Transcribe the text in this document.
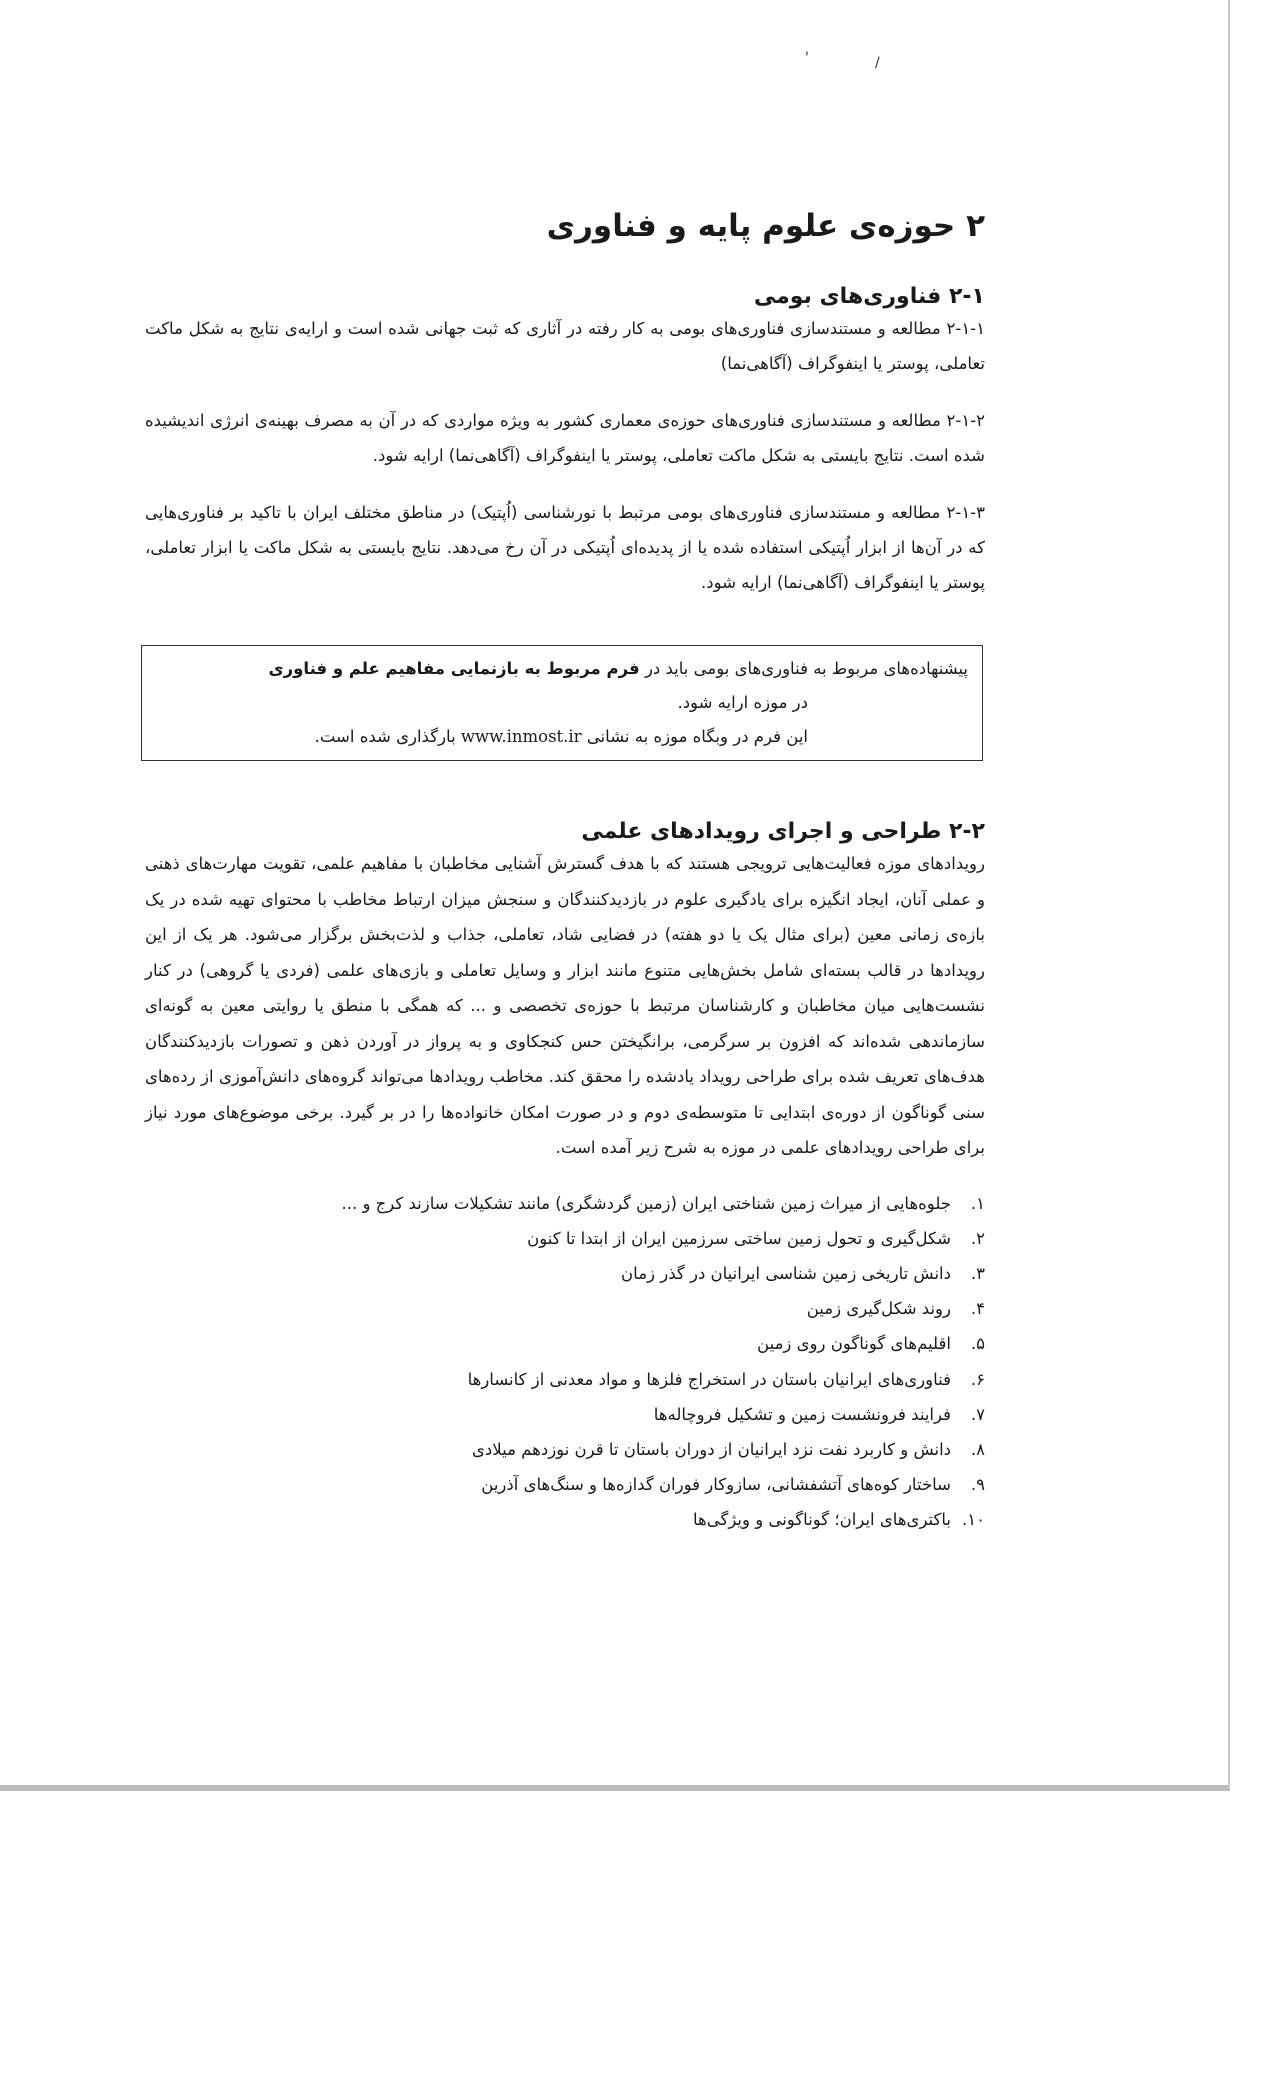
'	/
۲ حوزه‌ی علوم پایه و فناوری
۲-۱ فناوری‌های بومی

۲-۱-۱ مطالعه و مستندسازی فناوری‌های بومی به کار رفته در آثاری که ثبت جهانی شده است و ارایه‌ی نتایج به شکل ماکت تعاملی، پوستر یا اینفوگراف (آگاهی‌نما)

۲-۱-۲ مطالعه و مستندسازی فناوری‌های حوزه‌ی معماری کشور به ویژه مواردی که در آن به مصرف بهینه‌ی انرژی اندیشیده شده است. نتایج بایستی به شکل ماکت تعاملی، پوستر یا اینفوگراف (آگاهی‌نما) ارایه شود.

۲-۱-۳ مطالعه و مستندسازی فناوری‌های بومی مرتبط با نورشناسی (اُپتیک) در مناطق مختلف ایران با تاکید بر فناوری‌هایی که در آن‌ها از ابزار اُپتیکی استفاده شده یا از پدیده‌ای اُپتیکی در آن رخ می‌دهد. نتایج بایستی به شکل ماکت یا ابزار تعاملی، پوستر یا اینفوگراف (آگاهی‌نما) ارایه شود.

پیشنهاده‌های مربوط به فناوری‌های بومی باید در فرم مربوط به بازنمایی مفاهیم علم و فناوری
در موزه ارایه شود.
این فرم در وبگاه موزه به نشانی www.inmost.ir بارگذاری شده است.
۲-۲ طراحی و اجرای رویدادهای علمی

رویدادهای موزه فعالیت‌هایی ترویجی هستند که با هدف گسترش آشنایی مخاطبان با مفاهیم علمی، تقویت مهارت‌های ذهنی و عملی آنان، ایجاد انگیزه برای یادگیری علوم در بازدیدکنندگان و سنجش میزان ارتباط مخاطب با محتوای تهیه شده در یک بازه‌ی زمانی معین (برای مثال یک یا دو هفته) در فضایی شاد، تعاملی، جذاب و لذت‌بخش برگزار می‌شود. هر یک از این رویدادها در قالب بسته‌ای شامل بخش‌هایی متنوع مانند ابزار و وسایل تعاملی و بازی‌های علمی (فردی یا گروهی) در کنار نشست‌هایی میان مخاطبان و کارشناسان مرتبط با حوزه‌ی تخصصی و ... که همگی با منطق یا روایتی معین به گونه‌ای سازماندهی شده‌اند که افزون بر سرگرمی، برانگیختن حس کنجکاوی و به پرواز در آوردن ذهن و تصورات بازدیدکنندگان هدف‌های تعریف شده برای طراحی رویداد یادشده را محقق کند. مخاطب رویدادها می‌تواند گروه‌های دانش‌آموزی از رده‌های سنی گوناگون از دوره‌ی ابتدایی تا متوسطه‌ی دوم و در صورت امکان خانواده‌ها را در بر گیرد. برخی موضوع‌های مورد نیاز برای طراحی رویدادهای علمی در موزه به شرح زیر آمده است.

۱.
جلوه‌هایی از میراث زمین شناختی ایران (زمین گردشگری) مانند تشکیلات سازند کرج و ...
۲.
شکل‌گیری و تحول زمین ساختی سرزمین ایران از ابتدا تا کنون
۳.
دانش تاریخی زمین شناسی ایرانیان در گذر زمان
۴.
روند شکل‌گیری زمین
۵.
اقلیم‌های گوناگون روی زمین
۶.
فناوری‌های ایرانیان باستان در استخراج فلزها و مواد معدنی از کانسارها
۷.
فرایند فرونشست زمین و تشکیل فروچاله‌ها
۸.
دانش و کاربرد نفت نزد ایرانیان از دوران باستان تا قرن نوزدهم میلادی
۹.
ساختار کوه‌های آتشفشانی، سازوکار فوران گدازه‌ها و سنگ‌های آذرین
۱۰.
باکتری‌های ایران؛ گوناگونی و ویژگی‌ها
